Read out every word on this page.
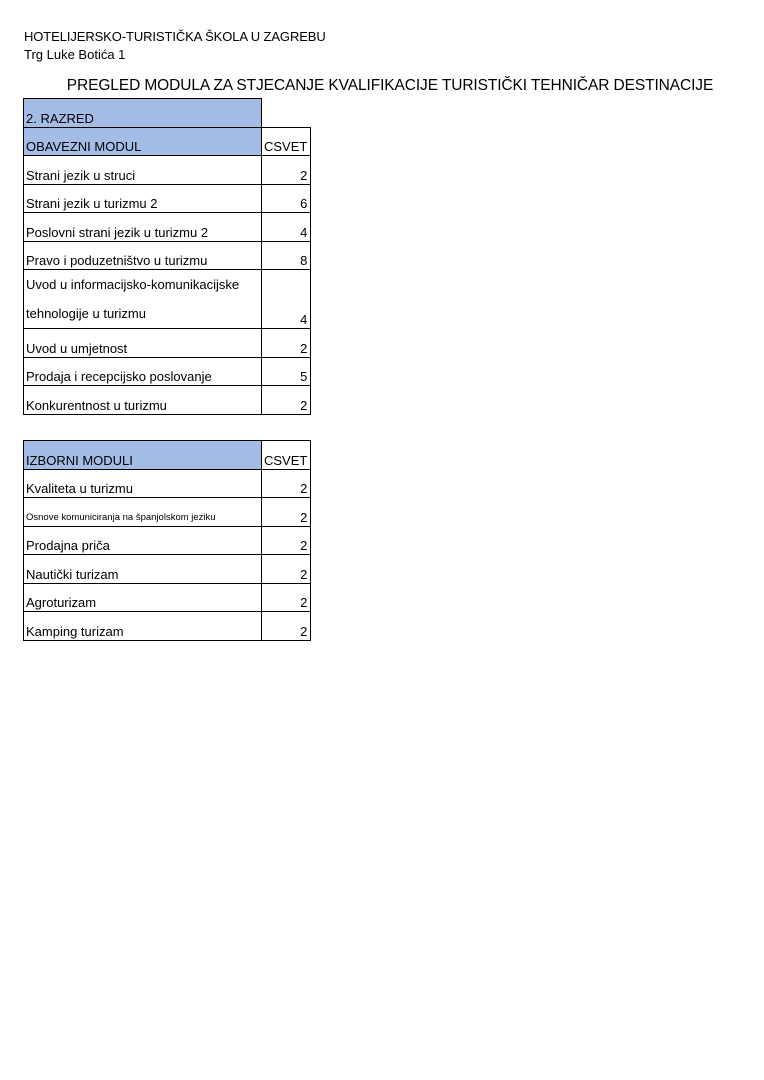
HOTELIJERSKO-TURISTIČKA ŠKOLA U ZAGREBU
Trg Luke Botića 1
PREGLED MODULA ZA STJECANJE KVALIFIKACIJE TURISTIČKI TEHNIČAR DESTINACIJE
2. RAZRED	
OBAVEZNI MODUL	CSVET
Strani jezik u struci	2
Strani jezik u turizmu 2	6
Poslovni strani jezik u turizmu 2	4
Pravo i poduzetništvo u turizmu	8
Uvod u informacijsko-komunikacijske tehnologije u turizmu	4
Uvod u umjetnost	2
Prodaja i recepcijsko poslovanje	5
Konkurentnost u turizmu	2
IZBORNI MODULI	CSVET
Kvaliteta u turizmu	2
Osnove komuniciranja na španjolskom jeziku	2
Prodajna priča	2
Nautički turizam	2
Agroturizam	2
Kamping turizam	2
